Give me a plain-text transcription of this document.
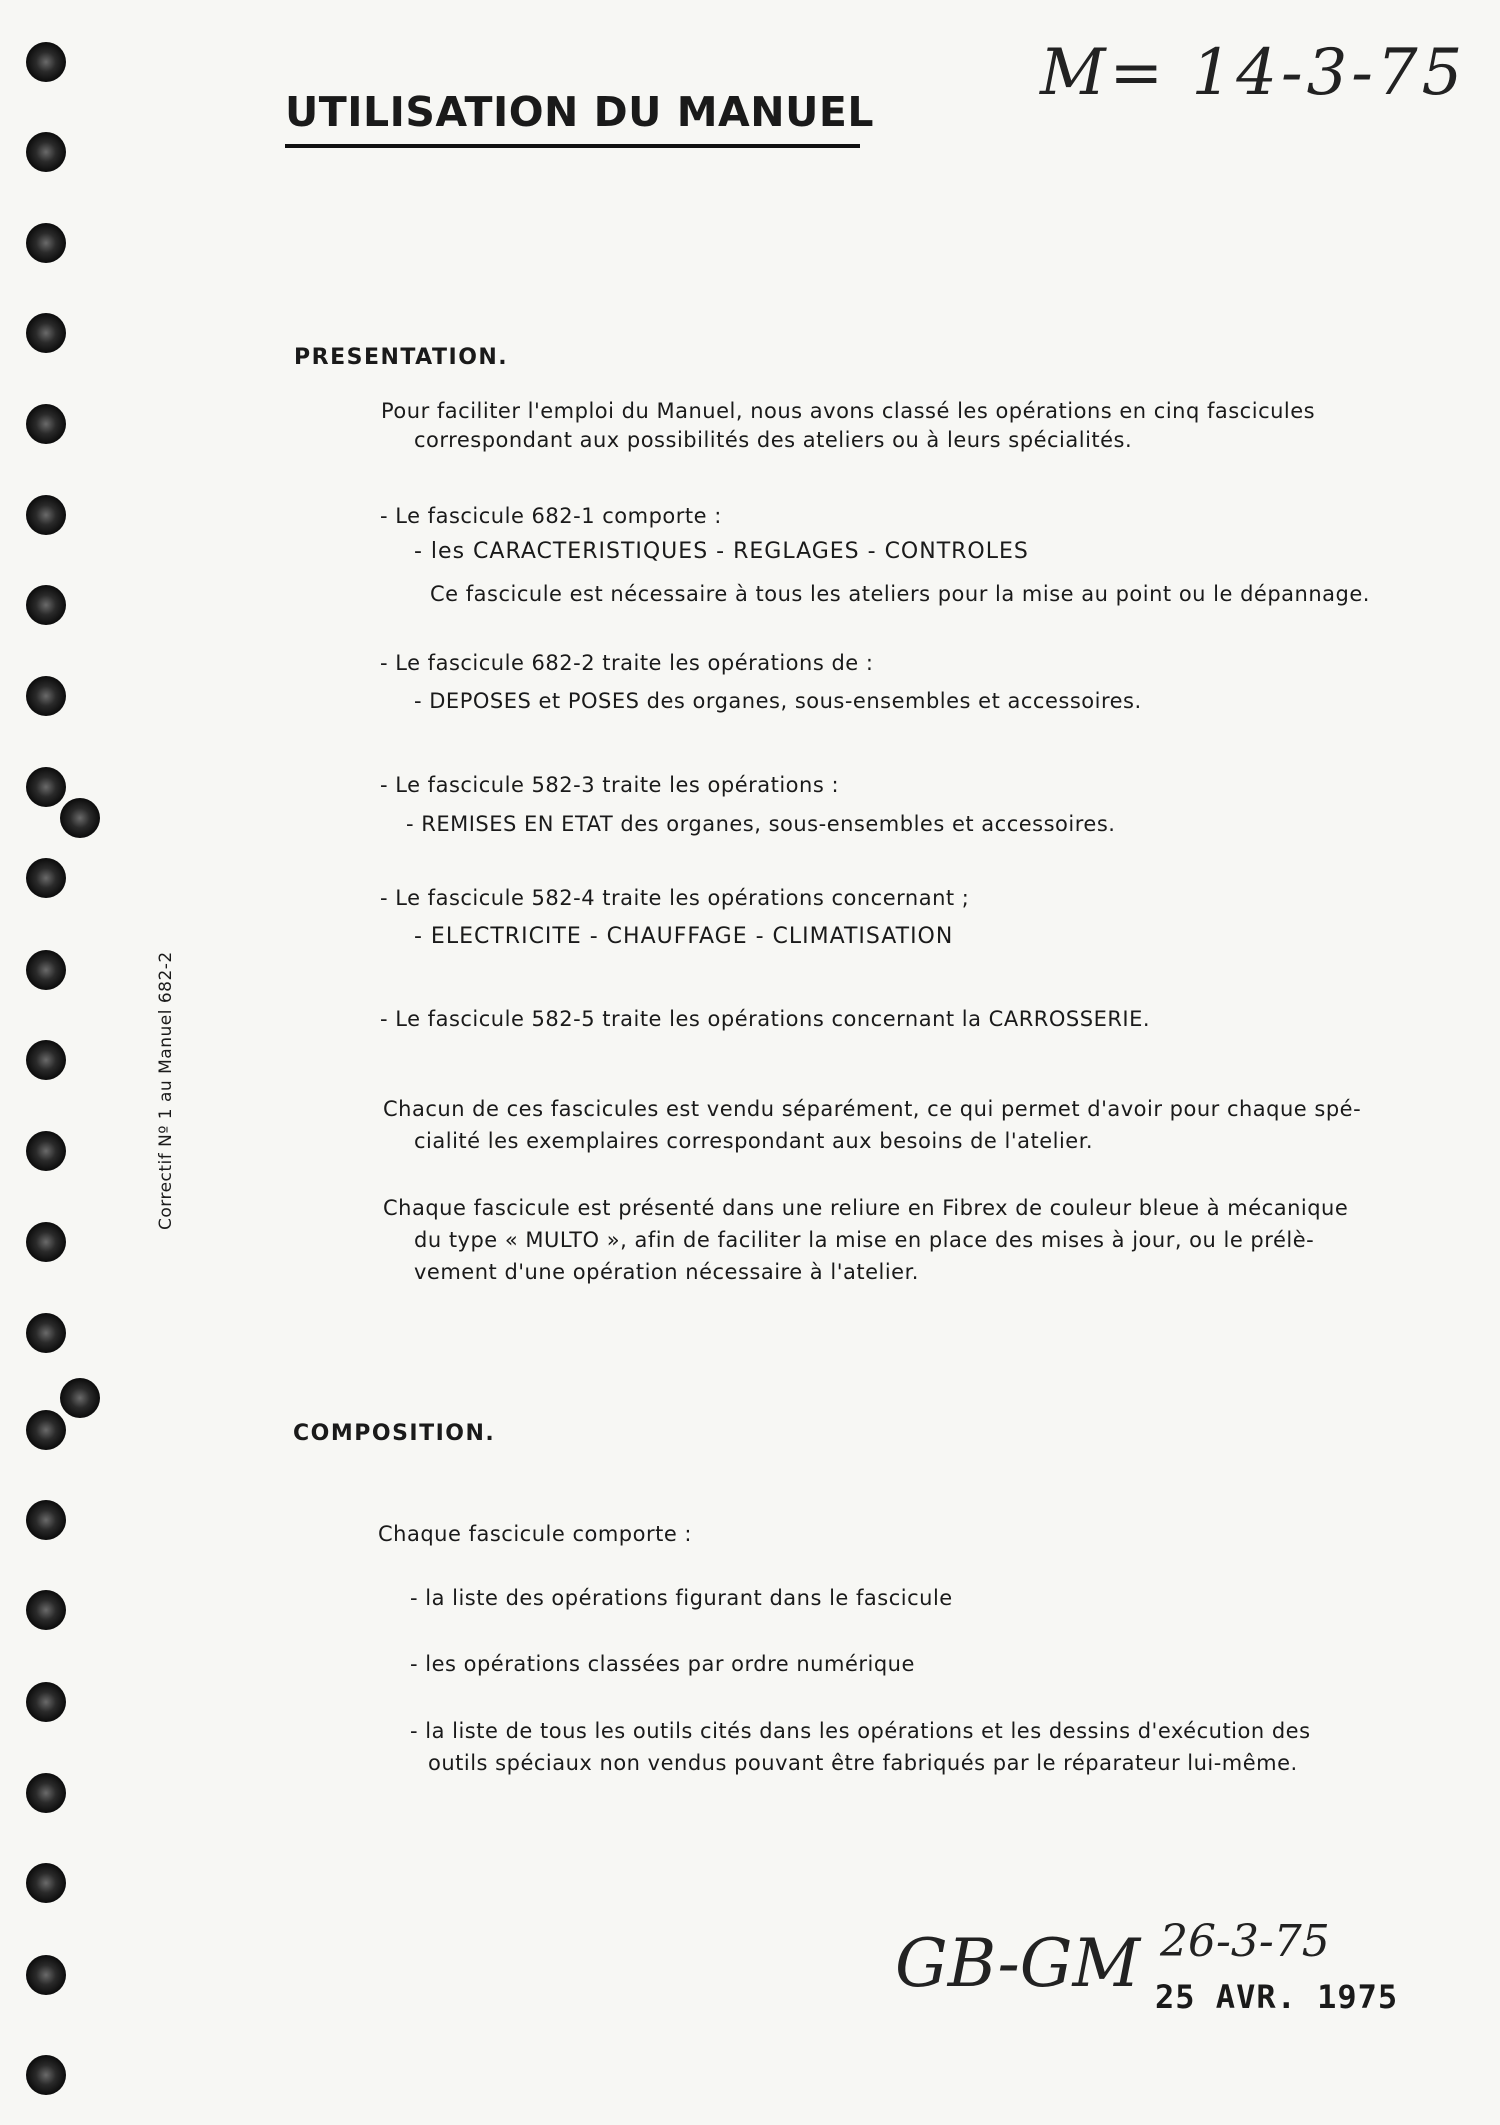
UTILISATION DU MANUEL
M= 14-3-75
Correctif Nº 1 au Manuel 682-2
PRESENTATION.
Pour faciliter l'emploi du Manuel, nous avons classé les opérations en cinq fascicules
correspondant aux possibilités des ateliers ou à leurs spécialités.
- Le fascicule 682-1 comporte :
- les CARACTERISTIQUES - REGLAGES - CONTROLES
Ce fascicule est nécessaire à tous les ateliers pour la mise au point ou le dépannage.
- Le fascicule 682-2 traite les opérations de :
- DEPOSES et POSES des organes, sous-ensembles et accessoires.
- Le fascicule 582-3 traite les opérations :
- REMISES EN ETAT des organes, sous-ensembles et accessoires.
- Le fascicule 582-4 traite les opérations concernant ;
- ELECTRICITE - CHAUFFAGE - CLIMATISATION
- Le fascicule 582-5 traite les opérations concernant la CARROSSERIE.
Chacun de ces fascicules est vendu séparément, ce qui permet d'avoir pour chaque spé-
cialité les exemplaires correspondant aux besoins de l'atelier.
Chaque fascicule est présenté dans une reliure en Fibrex de couleur bleue à mécanique
du type « MULTO », afin de faciliter la mise en place des mises à jour, ou le prélè-
vement d'une opération nécessaire à l'atelier.
COMPOSITION.
Chaque fascicule comporte :
- la liste des opérations figurant dans le fascicule
- les opérations classées par ordre numérique
- la liste de tous les outils cités dans les opérations et les dessins d'exécution des
outils spéciaux non vendus pouvant être fabriqués par le réparateur lui-même.
GB-GM 26-3-75
25 AVR. 1975
